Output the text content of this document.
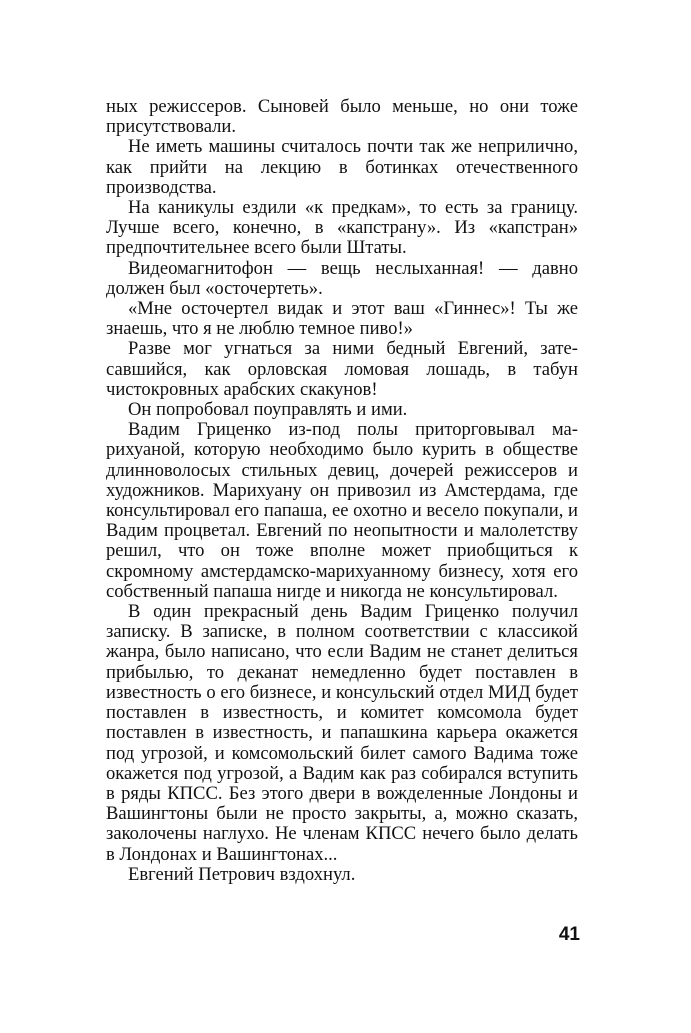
ных режиссеров. Сыновей было меньше, но они тоже присутствовали.

Не иметь машины считалось почти так же неприлично, как прийти на лекцию в ботинках отечественного производства.

На каникулы ездили «к предкам», то есть за границу. Лучше всего, конечно, в «капстрану». Из «капстран» предпочтительнее всего были Штаты.

Видеомагнитофон — вещь неслыханная! — давно должен был «осточертеть».

«Мне осточертел видак и этот ваш «Гиннес»! Ты же знаешь, что я не люблю темное пиво!»

Разве мог угнаться за ними бедный Евгений, затесавшийся, как орловская ломовая лошадь, в табун чистокровных арабских скакунов!

Он попробовал поуправлять и ими.

Вадим Гриценко из-под полы приторговывал марихуаной, которую необходимо было курить в обществе длинноволосых стильных девиц, дочерей режиссеров и художников. Марихуану он привозил из Амстердама, где консультировал его папаша, ее охотно и весело покупали, и Вадим процветал. Евгений по неопытности и малолетству решил, что он тоже вполне может приобщиться к скромному амстердамско-марихуанному бизнесу, хотя его собственный папаша нигде и никогда не консультировал.

В один прекрасный день Вадим Гриценко получил записку. В записке, в полном соответствии с классикой жанра, было написано, что если Вадим не станет делиться прибылью, то деканат немедленно будет поставлен в известность о его бизнесе, и консульский отдел МИД будет поставлен в известность, и комитет комсомола будет поставлен в известность, и папашкина карьера окажется под угрозой, и комсомольский билет самого Вадима тоже окажется под угрозой, а Вадим как раз собирался вступить в ряды КПСС. Без этого двери в вожделенные Лондоны и Вашингтоны были не просто закрыты, а, можно сказать, заколочены наглухо. Не членам КПСС нечего было делать в Лондонах и Вашингтонах...

Евгений Петрович вздохнул.

41
